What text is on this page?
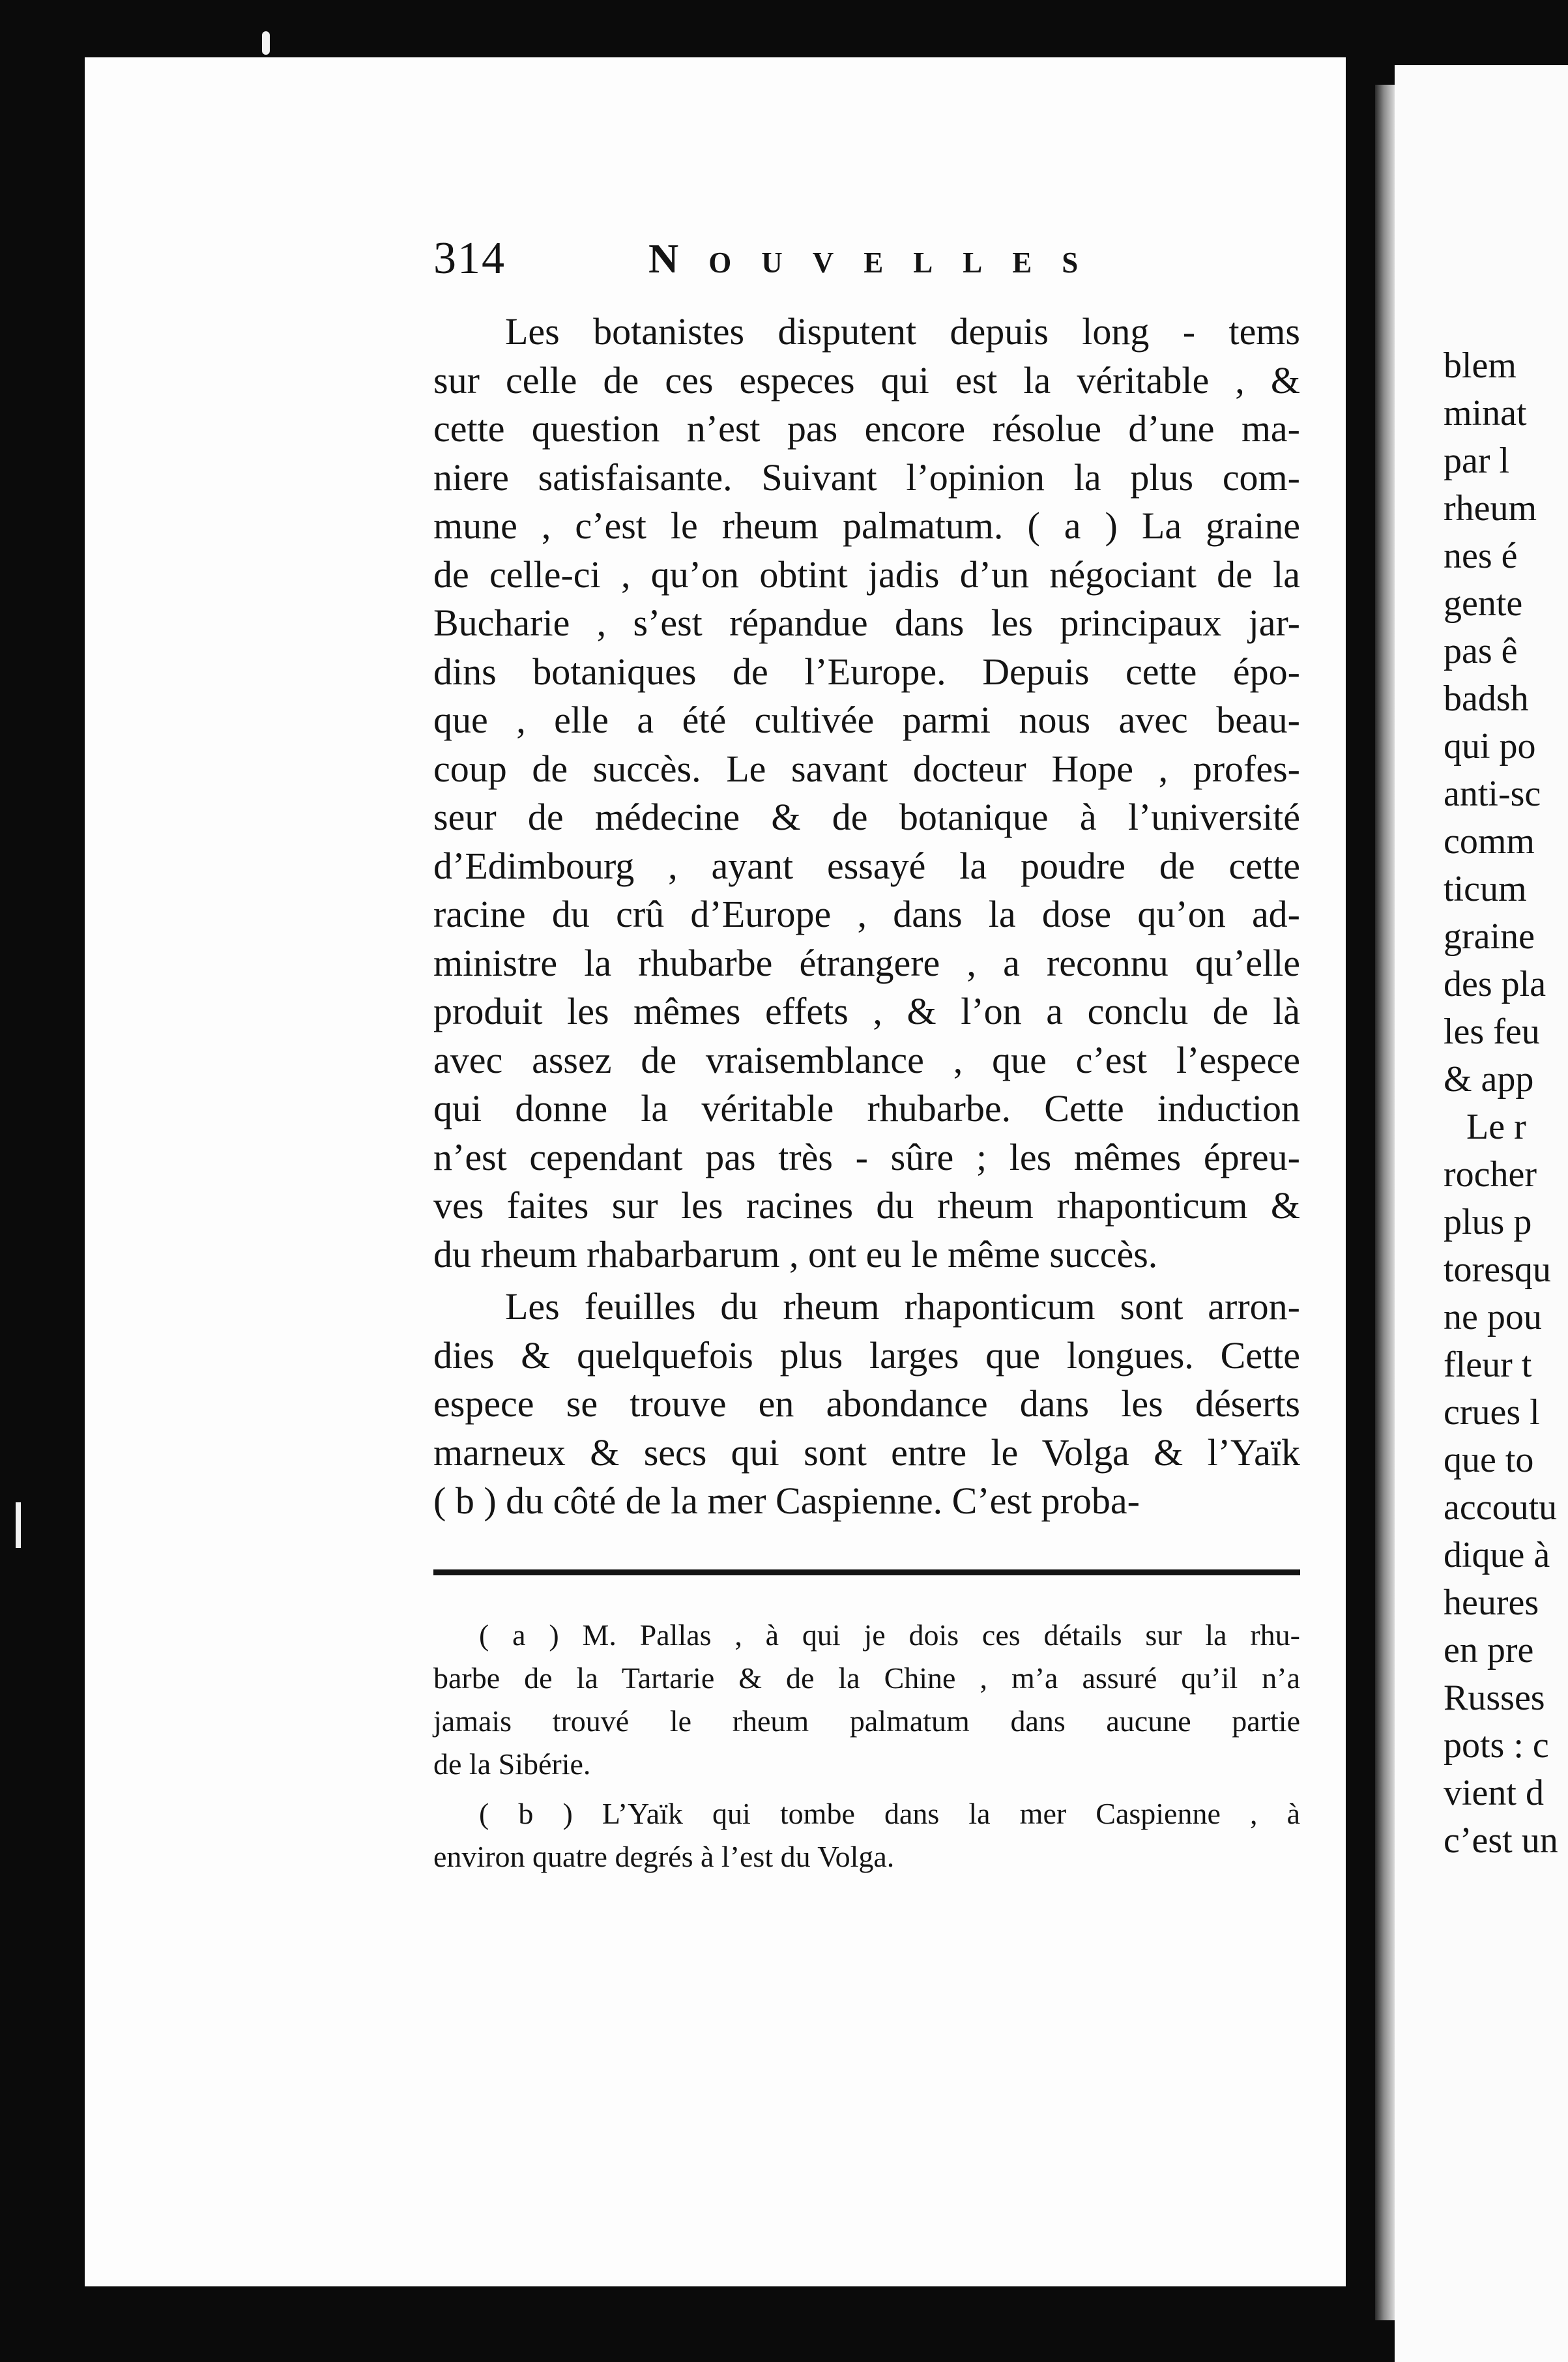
blem
minat
par l
rheum
nes é
gente
pas ê
badsh
qui po
anti-sc
comm
ticum
graine
des pla
les feu
& app
Le r
rocher
plus p
toresqu
ne pou
fleur t
crues l
que to
accoutu
dique à
heures
en pre
Russes
pots : c
vient d
c’est un
314	Nouvelles
Les botanistes disputent depuis long - tems
sur celle de ces especes qui est la véritable , &
cette question n’est pas encore résolue d’une ma-
niere satisfaisante. Suivant l’opinion la plus com-
mune , c’est le rheum palmatum. ( a ) La graine
de celle-ci , qu’on obtint jadis d’un négociant de la
Bucharie , s’est répandue dans les principaux jar-
dins botaniques de l’Europe. Depuis cette épo-
que , elle a été cultivée parmi nous avec beau-
coup de succès. Le savant docteur Hope , profes-
seur de médecine & de botanique à l’université
d’Edimbourg , ayant essayé la poudre de cette
racine du crû d’Europe , dans la dose qu’on ad-
ministre la rhubarbe étrangere , a reconnu qu’elle
produit les mêmes effets , & l’on a conclu de là
avec assez de vraisemblance , que c’est l’espece
qui donne la véritable rhubarbe. Cette induction
n’est cependant pas très - sûre ; les mêmes épreu-
ves faites sur les racines du rheum rhaponticum &
du rheum rhabarbarum , ont eu le même succès.
Les feuilles du rheum rhaponticum sont arron-
dies & quelquefois plus larges que longues. Cette
espece se trouve en abondance dans les déserts
marneux & secs qui sont entre le Volga & l’Yaïk
( b ) du côté de la mer Caspienne. C’est proba-
( a ) M. Pallas , à qui je dois ces détails sur la rhu-
barbe de la Tartarie & de la Chine , m’a assuré qu’il n’a
jamais trouvé le rheum palmatum dans aucune partie
de la Sibérie.
( b ) L’Yaïk qui tombe dans la mer Caspienne , à
environ quatre degrés à l’est du Volga.
